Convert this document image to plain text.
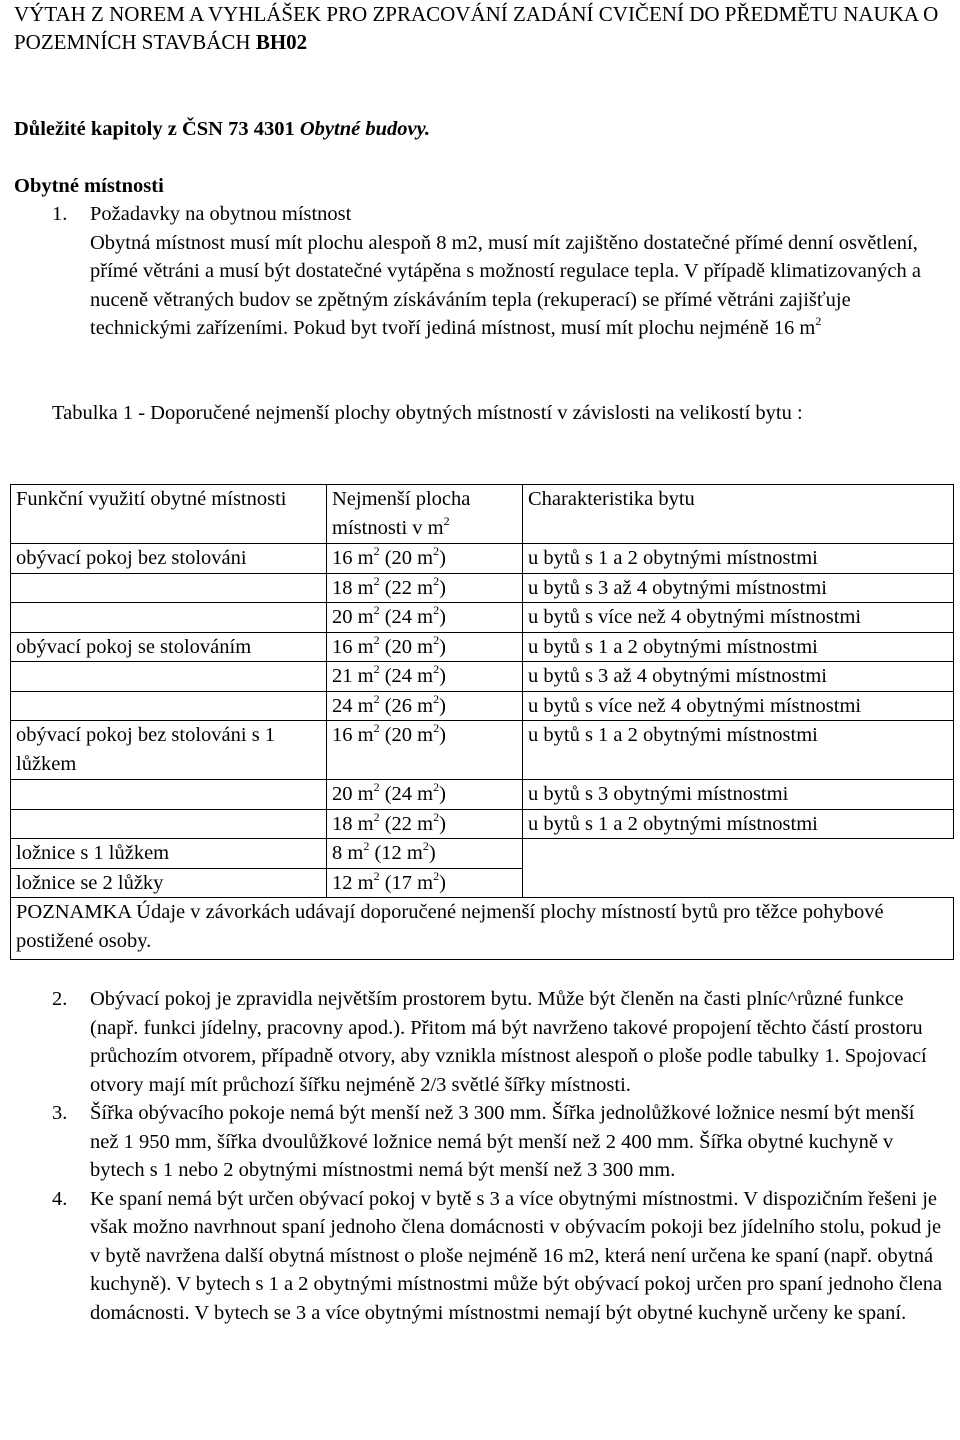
VÝTAH Z NOREM A VYHLÁŠEK PRO ZPRACOVÁNÍ ZADÁNÍ CVIČENÍ DO PŘEDMĚTU NAUKA O POZEMNÍCH STAVBÁCH BH02
Důležité kapitoly z ČSN 73 4301 Obytné budovy.
Obytné místnosti
1. Požadavky na obytnou místnost
Obytná místnost musí mít plochu alespoň 8 m2, musí mít zajištěno dostatečné přímé denní osvětlení, přímé větráni a musí být dostatečné vytápěna s možností regulace tepla. V případě klimatizovaných a nuceně větraných budov se zpětným získáváním tepla (rekuperací) se přímé větráni zajišťuje technickými zařízeními. Pokud byt tvoří jediná místnost, musí mít plochu nejméně 16 $m^2$
Tabulka 1 - Doporučené nejmenší plochy obytných místností v závislosti na velikostí bytu :
Funkční využití obytné místnosti	Nejmenší plocha místnosti v $m^2$	Charakteristika bytu
obývací pokoj bez stolováni	16 $m^2$ (20 $m^2$)	u bytů s 1 a 2 obytnými místnostmi
	18 $m^2$ (22 $m^2$)	u bytů s 3 až 4 obytnými místnostmi
	20 $m^2$ (24 $m^2$)	u bytů s více než 4 obytnými místnostmi
obývací pokoj se stolováním	16 $m^2$ (20 $m^2$)	u bytů s 1 a 2 obytnými místnostmi
	21 $m^2$ (24 $m^2$)	u bytů s 3 až 4 obytnými místnostmi
	24 $m^2$ (26 $m^2$)	u bytů s více než 4 obytnými místnostmi
obývací pokoj bez stolováni s 1 lůžkem	16 $m^2$ (20 $m^2$)	u bytů s 1 a 2 obytnými místnostmi
	20 $m^2$ (24 $m^2$)	u bytů s 3 obytnými místnostmi
	18 $m^2$ (22 $m^2$)	u bytů s 1 a 2 obytnými místnostmi
ložnice s 1 lůžkem	8 $m^2$ (12 $m^2$)	
ložnice se 2 lůžky	12 $m^2$ (17 $m^2$)	
POZNAMKA Údaje v závorkách udávají doporučené nejmenší plochy místností bytů pro těžce pohybové postižené osoby.		
2. Obývací pokoj je zpravidla největším prostorem bytu. Může být členěn na časti plníc^různé funkce (např. funkci jídelny, pracovny apod.). Přitom má být navrženo takové propojení těchto částí prostoru průchozím otvorem, případně otvory, aby vznikla místnost alespoň o ploše podle tabulky 1. Spojovací otvory mají mít průchozí šířku nejméně 2/3 světlé šířky místnosti.
3. Šířka obývacího pokoje nemá být menší než 3 300 mm. Šířka jednolůžkové ložnice nesmí být menší než 1 950 mm, šířka dvoulůžkové ložnice nemá být menší než 2 400 mm. Šířka obytné kuchyně v bytech s 1 nebo 2 obytnými místnostmi nemá být menší než 3 300 mm.
4. Ke spaní nemá být určen obývací pokoj v bytě s 3 a více obytnými místnostmi. V dispozičním řešeni je však možno navrhnout spaní jednoho člena domácnosti v obývacím pokoji bez jídelního stolu, pokud je v bytě navržena další obytná místnost o ploše nejméně 16 m2, která není určena ke spaní (např. obytná kuchyně). V bytech s 1 a 2 obytnými místnostmi může být obývací pokoj určen pro spaní jednoho člena domácnosti. V bytech se 3 a více obytnými místnostmi nemají být obytné kuchyně určeny ke spaní.
